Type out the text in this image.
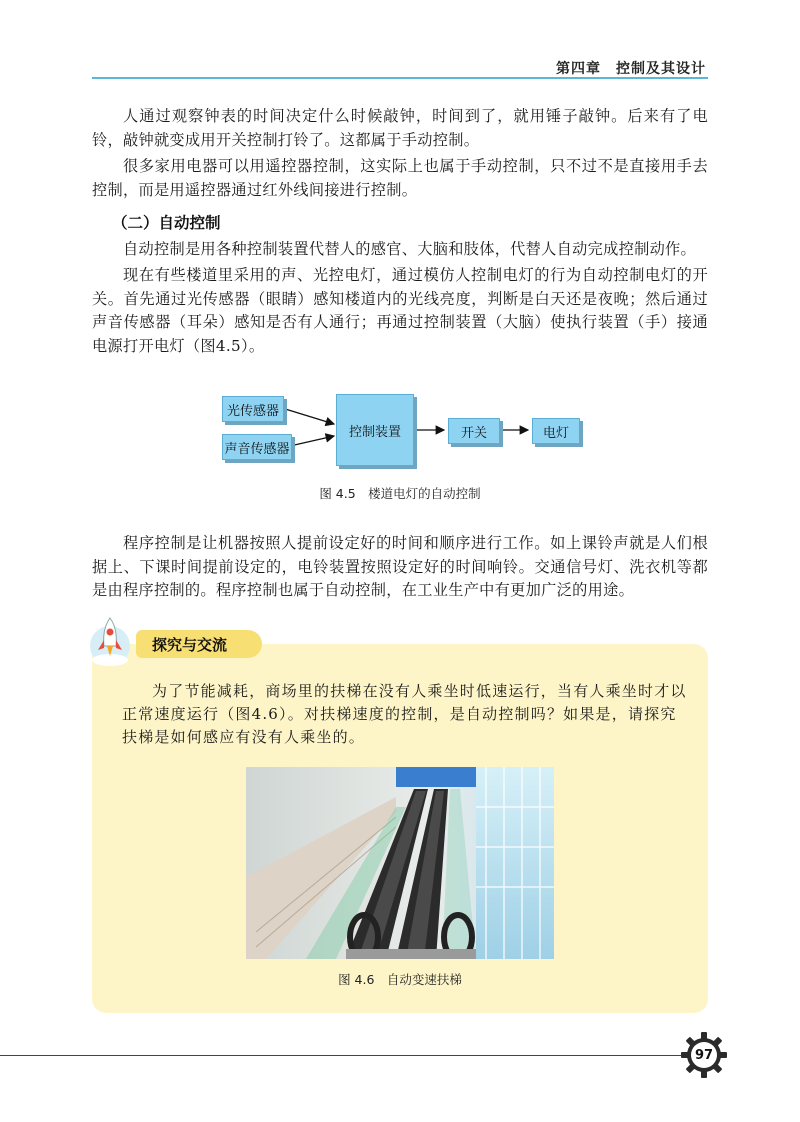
第四章　控制及其设计

人通过观察钟表的时间决定什么时候敲钟，时间到了，就用锤子敲钟。后来有了电铃，敲钟就变成用开关控制打铃了。这都属于手动控制。

很多家用电器可以用遥控器控制，这实际上也属于手动控制，只不过不是直接用手去控制，而是用遥控器通过红外线间接进行控制。

（二）自动控制

自动控制是用各种控制装置代替人的感官、大脑和肢体，代替人自动完成控制动作。

现在有些楼道里采用的声、光控电灯，通过模仿人控制电灯的行为自动控制电灯的开关。首先通过光传感器（眼睛）感知楼道内的光线亮度，判断是白天还是夜晚；然后通过声音传感器（耳朵）感知是否有人通行；再通过控制装置（大脑）使执行装置（手）接通电源打开电灯（图4.5）。

光传感器
声音传感器
控制装置	开关	电灯
图 4.5　楼道电灯的自动控制

程序控制是让机器按照人提前设定好的时间和顺序进行工作。如上课铃声就是人们根据上、下课时间提前设定的，电铃装置按照设定好的时间响铃。交通信号灯、洗衣机等都是由程序控制的。程序控制也属于自动控制，在工业生产中有更加广泛的用途。

探究与交流

为了节能减耗，商场里的扶梯在没有人乘坐时低速运行，当有人乘坐时才以正常速度运行（图4.6）。对扶梯速度的控制，是自动控制吗？如果是，请探究扶梯是如何感应有没有人乘坐的。

图 4.6　自动变速扶梯
97
